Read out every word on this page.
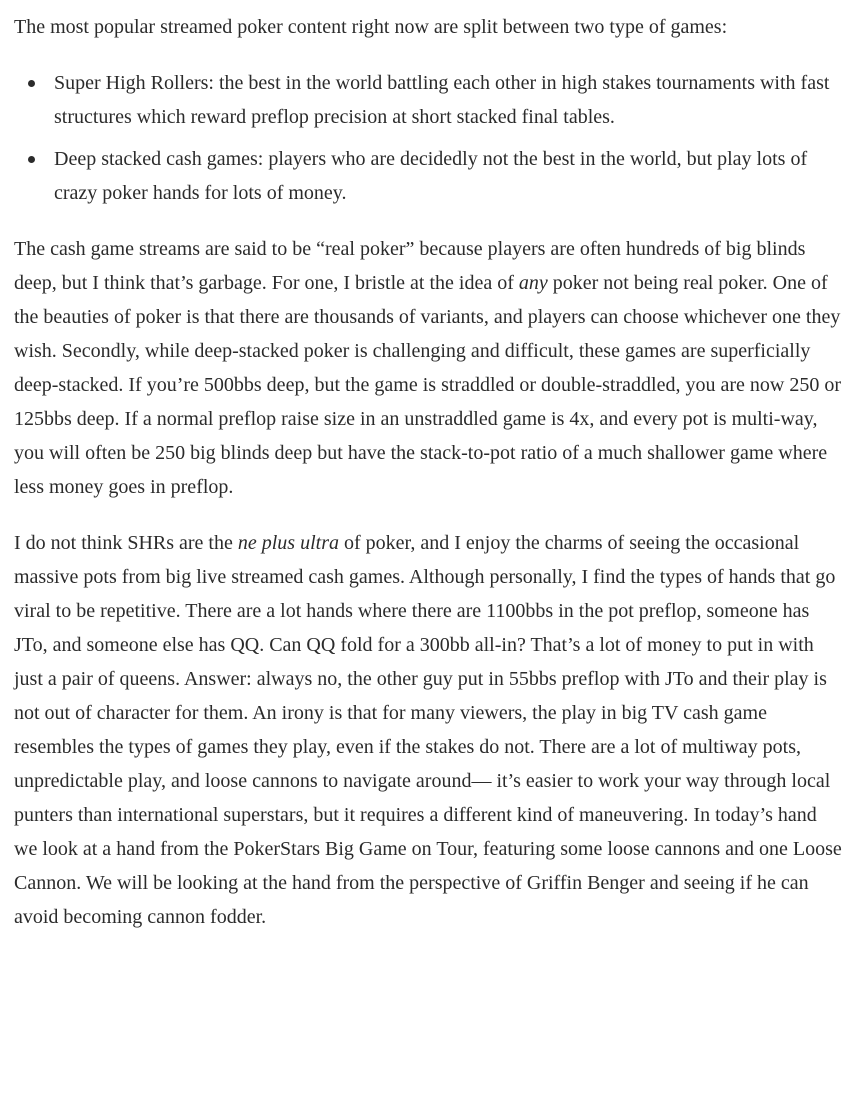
The most popular streamed poker content right now are split between two type of games:

Super High Rollers: the best in the world battling each other in high stakes tournaments with fast structures which reward preflop precision at short stacked final tables.
Deep stacked cash games: players who are decidedly not the best in the world, but play lots of crazy poker hands for lots of money.

The cash game streams are said to be “real poker” because players are often hundreds of big blinds deep, but I think that’s garbage. For one, I bristle at the idea of any poker not being real poker. One of the beauties of poker is that there are thousands of variants, and players can choose whichever one they wish. Secondly, while deep-stacked poker is challenging and difficult, these games are superficially deep-stacked. If you’re 500bbs deep, but the game is straddled or double-straddled, you are now 250 or 125bbs deep. If a normal preflop raise size in an unstraddled game is 4x, and every pot is multi-way, you will often be 250 big blinds deep but have the stack-to-pot ratio of a much shallower game where less money goes in preflop.

I do not think SHRs are the ne plus ultra of poker, and I enjoy the charms of seeing the occasional massive pots from big live streamed cash games. Although personally, I find the types of hands that go viral to be repetitive. There are a lot hands where there are 1100bbs in the pot preflop, someone has JTo, and someone else has QQ. Can QQ fold for a 300bb all-in? That’s a lot of money to put in with just a pair of queens. Answer: always no, the other guy put in 55bbs preflop with JTo and their play is not out of character for them. An irony is that for many viewers, the play in big TV cash game resembles the types of games they play, even if the stakes do not. There are a lot of multiway pots, unpredictable play, and loose cannons to navigate around— it’s easier to work your way through local punters than international superstars, but it requires a different kind of maneuvering. In today’s hand we look at a hand from the PokerStars Big Game on Tour, featuring some loose cannons and one Loose Cannon. We will be looking at the hand from the perspective of Griffin Benger and seeing if he can avoid becoming cannon fodder.
